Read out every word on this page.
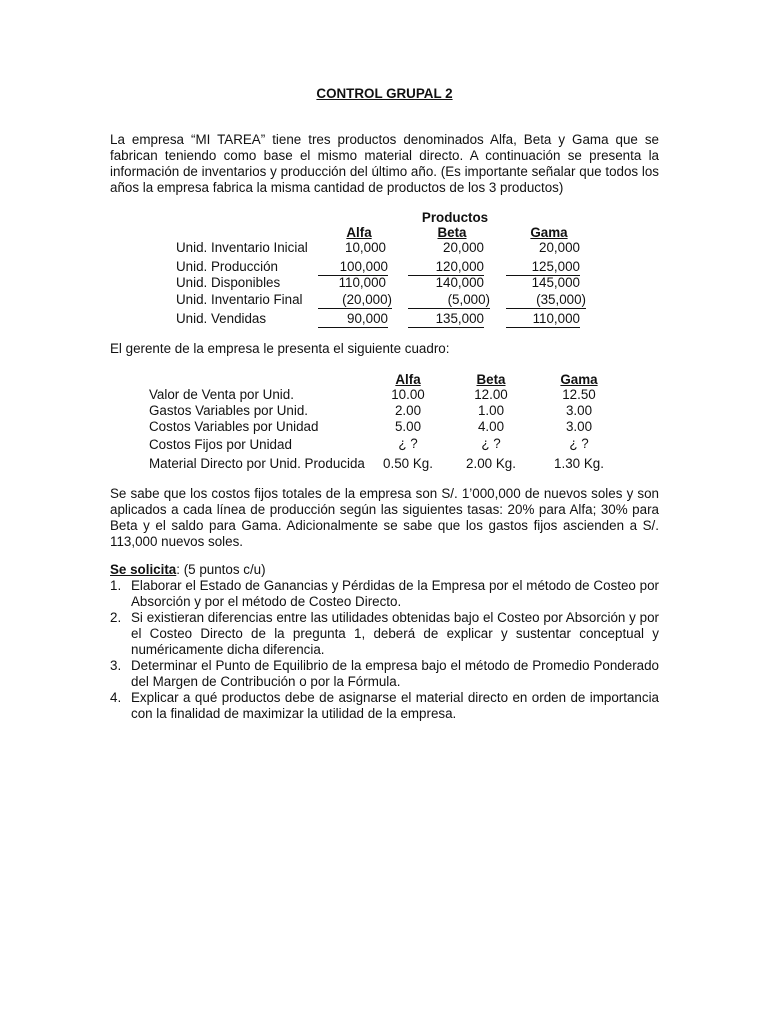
CONTROL GRUPAL 2
La empresa “MI TAREA” tiene tres productos denominados Alfa, Beta y Gama que se fabrican teniendo como base el mismo material directo. A continuación se presenta la información de inventarios y producción del último año. (Es importante señalar que todos los años la empresa fabrica la misma cantidad de productos de los 3 productos)
Productos
Alfa	Beta	Gama
Unid. Inventario Inicial	10,000	20,000	20,000
Unid. Producción	100,000	120,000	125,000
Unid. Disponibles	110,000	140,000	145,000
Unid. Inventario Final	(20,000)	(5,000)	(35,000)
Unid. Vendidas	90,000	135,000	110,000
El gerente de la empresa le presenta el siguiente cuadro:
Alfa	Beta	Gama
Valor de Venta por Unid.	10.00	12.00	12.50
Gastos Variables por Unid.	2.00	1.00	3.00
Costos Variables por Unidad	5.00	4.00	3.00
Costos Fijos por Unidad	¿ ?	¿ ?	¿ ?
Material Directo por Unid. Producida	0.50 Kg.	2.00 Kg.	1.30 Kg.
Se sabe que los costos fijos totales de la empresa son S/. 1’000,000 de nuevos soles y son aplicados a cada línea de producción según las siguientes tasas: 20% para Alfa; 30% para Beta y el saldo para Gama. Adicionalmente se sabe que los gastos fijos ascienden a S/. 113,000 nuevos soles.
Se solicita: (5 puntos c/u)
1. Elaborar el Estado de Ganancias y Pérdidas de la Empresa por el método de Costeo por Absorción y por el método de Costeo Directo.
2. Si existieran diferencias entre las utilidades obtenidas bajo el Costeo por Absorción y por el Costeo Directo de la pregunta 1, deberá de explicar y sustentar conceptual y numéricamente dicha diferencia.
3. Determinar el Punto de Equilibrio de la empresa bajo el método de Promedio Ponderado del Margen de Contribución o por la Fórmula.
4. Explicar a qué productos debe de asignarse el material directo en orden de importancia con la finalidad de maximizar la utilidad de la empresa.
